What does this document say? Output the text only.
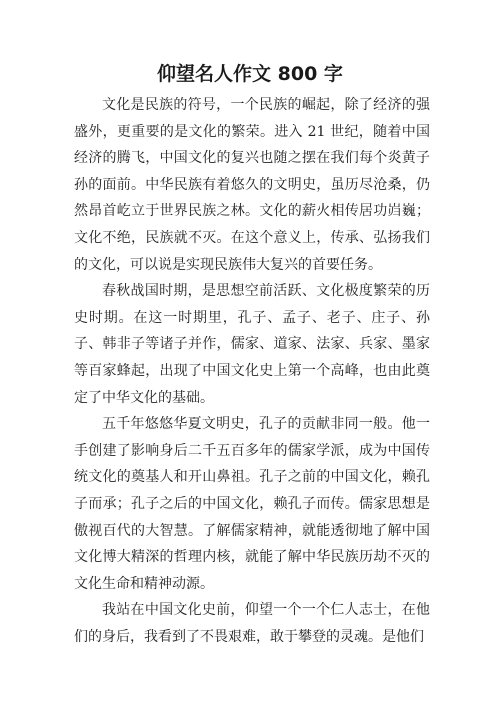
仰望名人作文 800 字

文化是民族的符号，一个民族的崛起，除了经济的强盛外，更重要的是文化的繁荣。进入 21 世纪，随着中国经济的腾飞，中国文化的复兴也随之摆在我们每个炎黄子孙的面前。中华民族有着悠久的文明史，虽历尽沧桑，仍然昂首屹立于世界民族之林。文化的薪火相传居功岿巍；文化不绝，民族就不灭。在这个意义上，传承、弘扬我们的文化，可以说是实现民族伟大复兴的首要任务。

春秋战国时期，是思想空前活跃、文化极度繁荣的历史时期。在这一时期里，孔子、孟子、老子、庄子、孙子、韩非子等诸子并作，儒家、道家、法家、兵家、墨家等百家蜂起，出现了中国文化史上第一个高峰，也由此奠定了中华文化的基础。

五千年悠悠华夏文明史，孔子的贡献非同一般。他一手创建了影响身后二千五百多年的儒家学派，成为中国传统文化的奠基人和开山鼻祖。孔子之前的中国文化，赖孔子而承；孔子之后的中国文化，赖孔子而传。儒家思想是傲视百代的大智慧。了解儒家精神，就能透彻地了解中国文化博大精深的哲理内核，就能了解中华民族历劫不灭的文化生命和精神动源。

我站在中国文化史前，仰望一个一个仁人志士，在他们的身后，我看到了不畏艰难，敢于攀登的灵魂。是他们
